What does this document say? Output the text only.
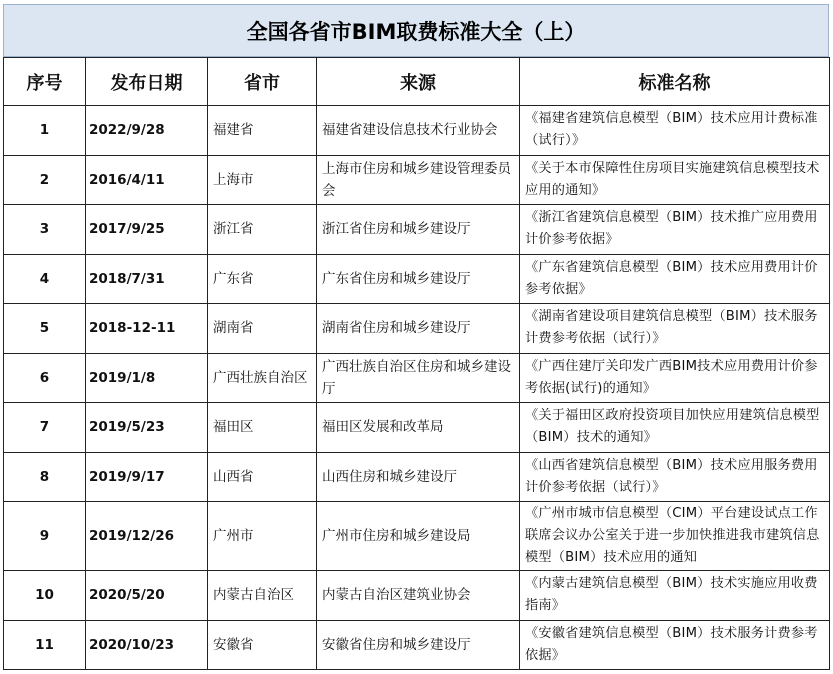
全国各省市BIM取费标准大全（上）
序号	发布日期	省市	来源	标准名称
1	2022/9/28	福建省	福建省建设信息技术行业协会	《福建省建筑信息模型（BIM）技术应用计费标准（试行）》
2	2016/4/11	上海市	上海市住房和城乡建设管理委员会	《关于本市保障性住房项目实施建筑信息模型技术应用的通知》
3	2017/9/25	浙江省	浙江省住房和城乡建设厅	《浙江省建筑信息模型（BIM）技术推广应用费用计价参考依据》
4	2018/7/31	广东省	广东省住房和城乡建设厅	《广东省建筑信息模型（BIM）技术应用费用计价参考依据》
5	2018-12-11	湖南省	湖南省住房和城乡建设厅	《湖南省建设项目建筑信息模型（BIM）技术服务计费参考依据（试行）》
6	2019/1/8	广西壮族自治区	广西壮族自治区住房和城乡建设厅	《广西住建厅关印发广西BIM技术应用费用计价参考依据(试行)的通知》
7	2019/5/23	福田区	福田区发展和改革局	《关于福田区政府投资项目加快应用建筑信息模型（BIM）技术的通知》
8	2019/9/17	山西省	山西住房和城乡建设厅	《山西省建筑信息模型（BIM）技术应用服务费用计价参考依据（试行）》
9	2019/12/26	广州市	广州市住房和城乡建设局	《广州市城市信息模型（CIM）平台建设试点工作联席会议办公室关于进一步加快推进我市建筑信息模型（BIM）技术应用的通知
10	2020/5/20	内蒙古自治区	内蒙古自治区建筑业协会	《内蒙古建筑信息模型（BIM）技术实施应用收费指南》
11	2020/10/23	安徽省	安徽省住房和城乡建设厅	《安徽省建筑信息模型（BIM）技术服务计费参考依据》
